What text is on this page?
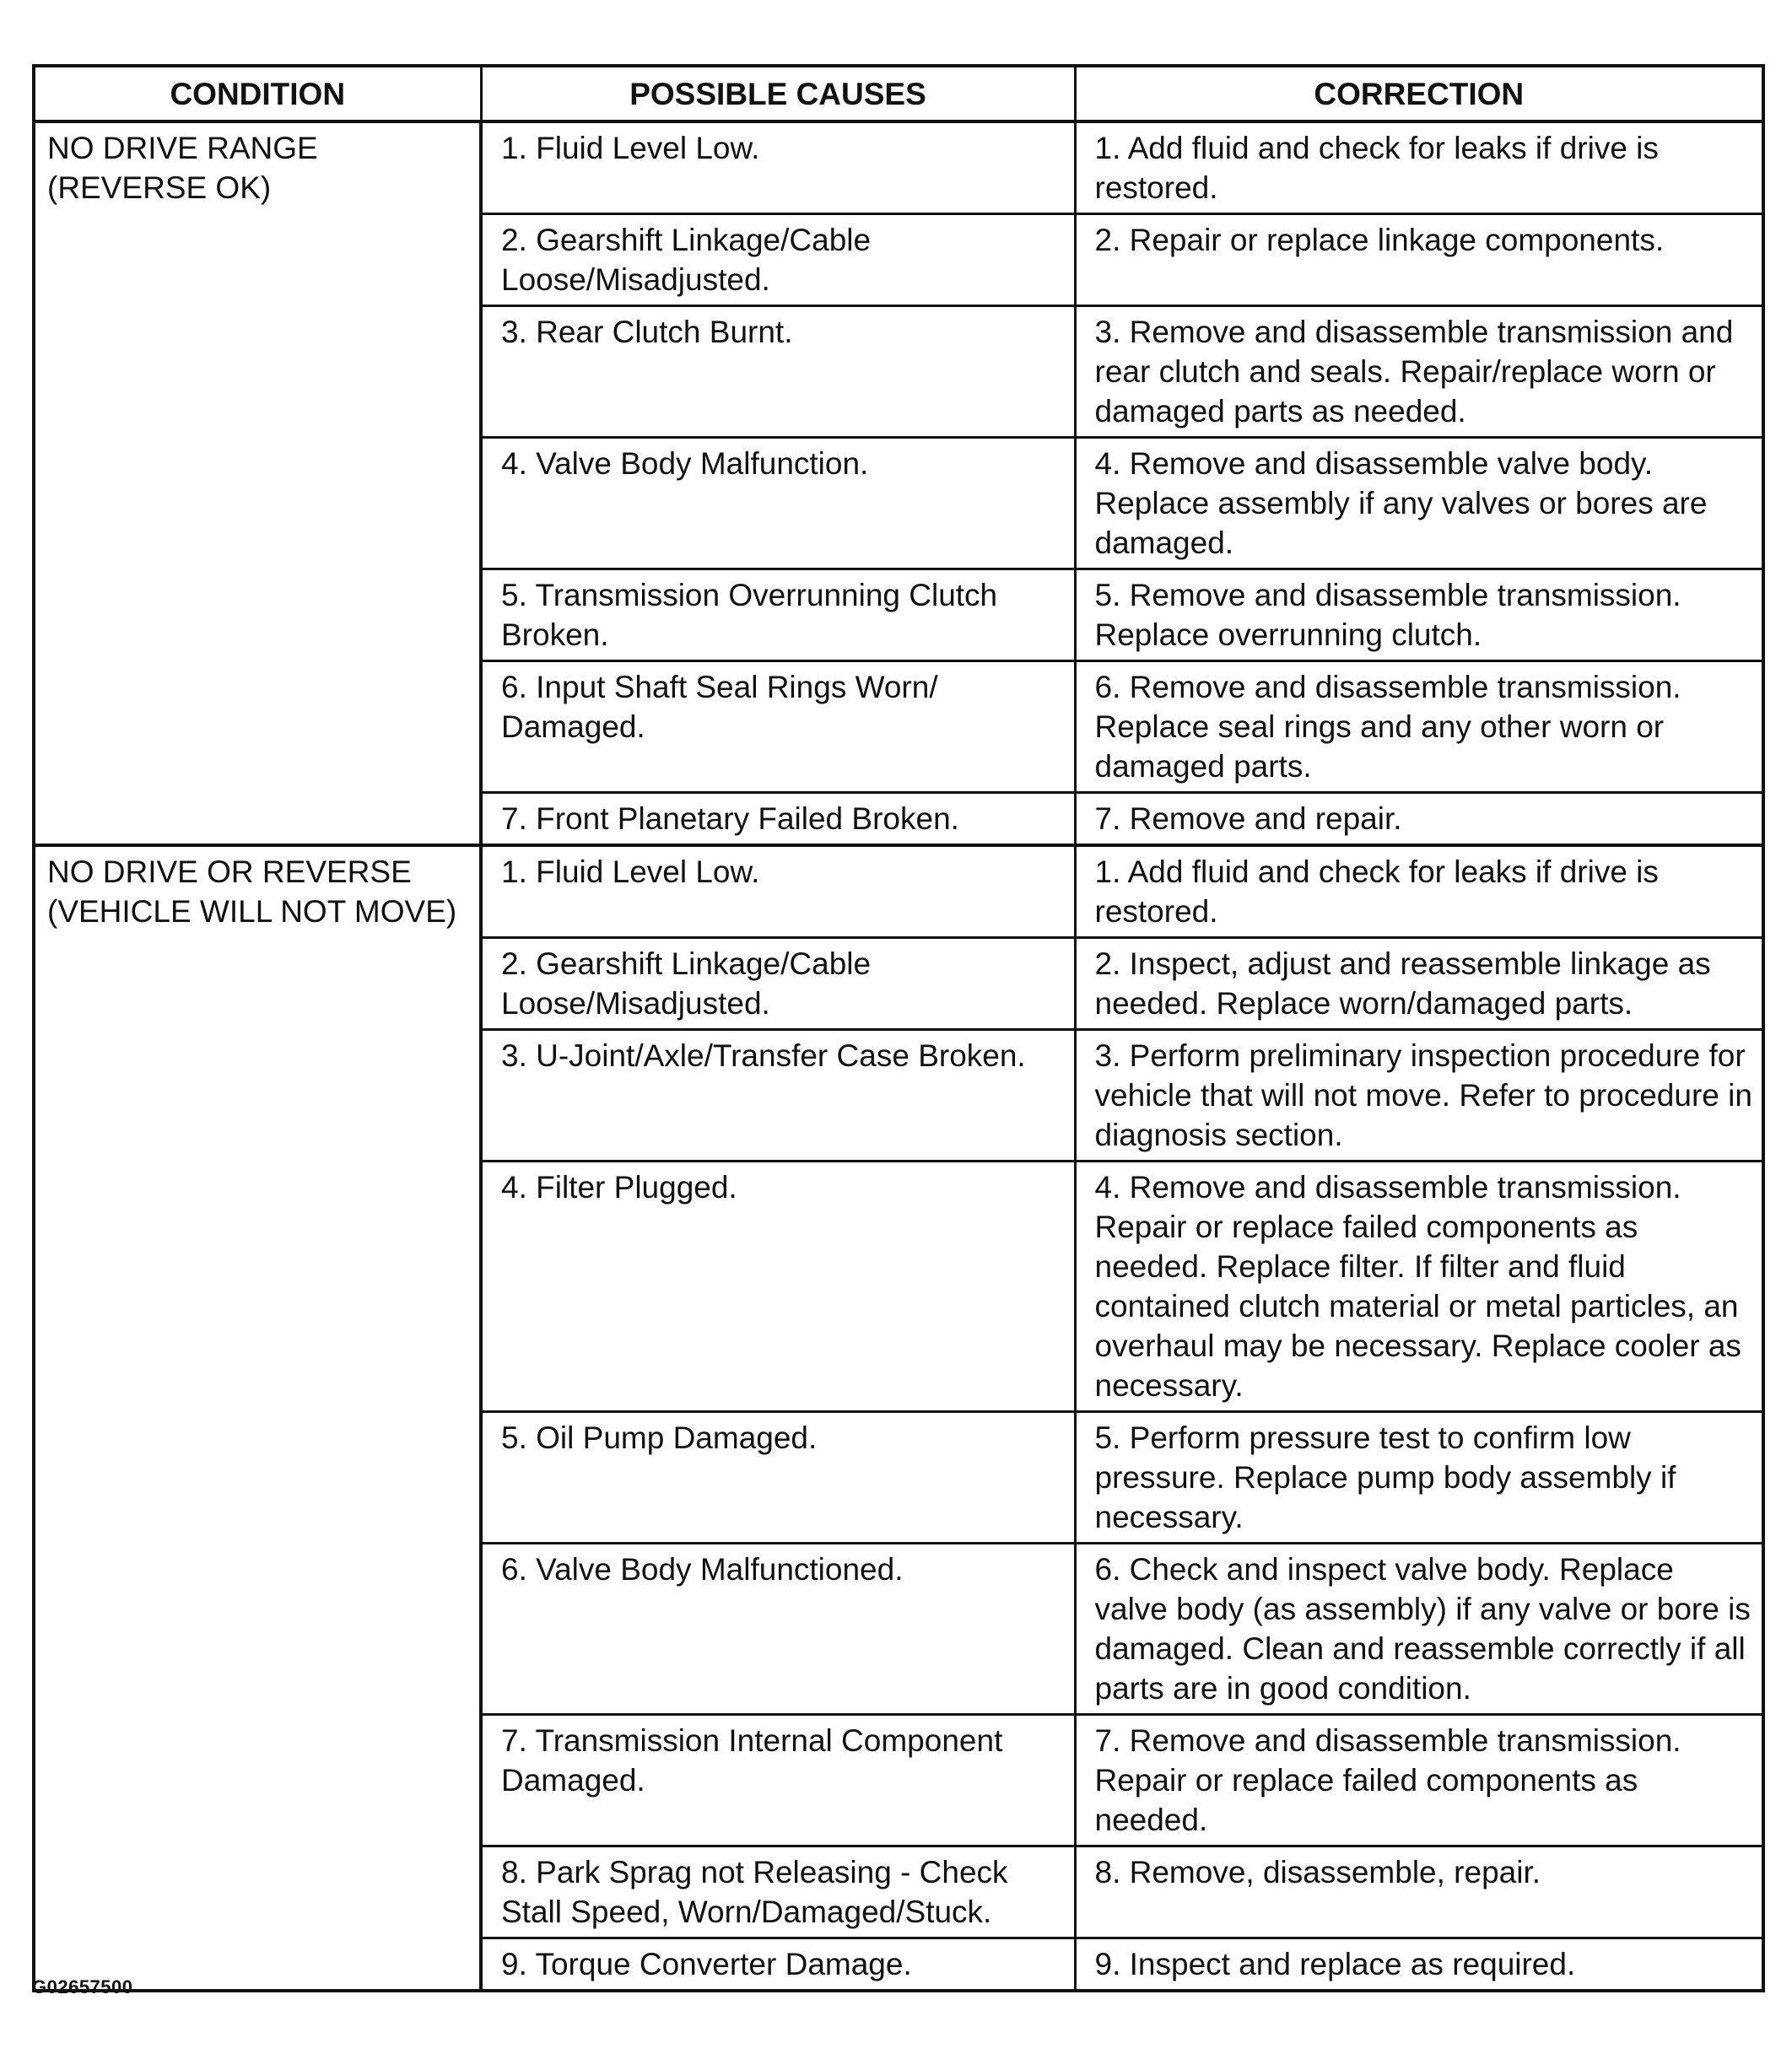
CONDITION	POSSIBLE CAUSES	CORRECTION
NO DRIVE RANGE (REVERSE OK)	1. Fluid Level Low.	1. Add fluid and check for leaks if drive is restored.
	2. Gearshift Linkage/Cable Loose/Misadjusted.	2. Repair or replace linkage components.
	3. Rear Clutch Burnt.	3. Remove and disassemble transmission and rear clutch and seals. Repair/replace worn or damaged parts as needed.
	4. Valve Body Malfunction.	4. Remove and disassemble valve body. Replace assembly if any valves or bores are damaged.
	5. Transmission Overrunning Clutch Broken.	5. Remove and disassemble transmission. Replace overrunning clutch.
	6. Input Shaft Seal Rings Worn/ Damaged.	6. Remove and disassemble transmission. Replace seal rings and any other worn or damaged parts.
	7. Front Planetary Failed Broken.	7. Remove and repair.
NO DRIVE OR REVERSE (VEHICLE WILL NOT MOVE)	1. Fluid Level Low.	1. Add fluid and check for leaks if drive is restored.
	2. Gearshift Linkage/Cable Loose/Misadjusted.	2. Inspect, adjust and reassemble linkage as needed. Replace worn/damaged parts.
	3. U-Joint/Axle/Transfer Case Broken.	3. Perform preliminary inspection procedure for vehicle that will not move. Refer to procedure in diagnosis section.
	4. Filter Plugged.	4. Remove and disassemble transmission. Repair or replace failed components as needed. Replace filter. If filter and fluid contained clutch material or metal particles, an overhaul may be necessary. Replace cooler as necessary.
	5. Oil Pump Damaged.	5. Perform pressure test to confirm low pressure. Replace pump body assembly if necessary.
	6. Valve Body Malfunctioned.	6. Check and inspect valve body. Replace valve body (as assembly) if any valve or bore is damaged. Clean and reassemble correctly if all parts are in good condition.
	7. Transmission Internal Component Damaged.	7. Remove and disassemble transmission. Repair or replace failed components as needed.
	8. Park Sprag not Releasing - Check Stall Speed, Worn/Damaged/Stuck.	8. Remove, disassemble, repair.
	9. Torque Converter Damage.	9. Inspect and replace as required.
G02657500
